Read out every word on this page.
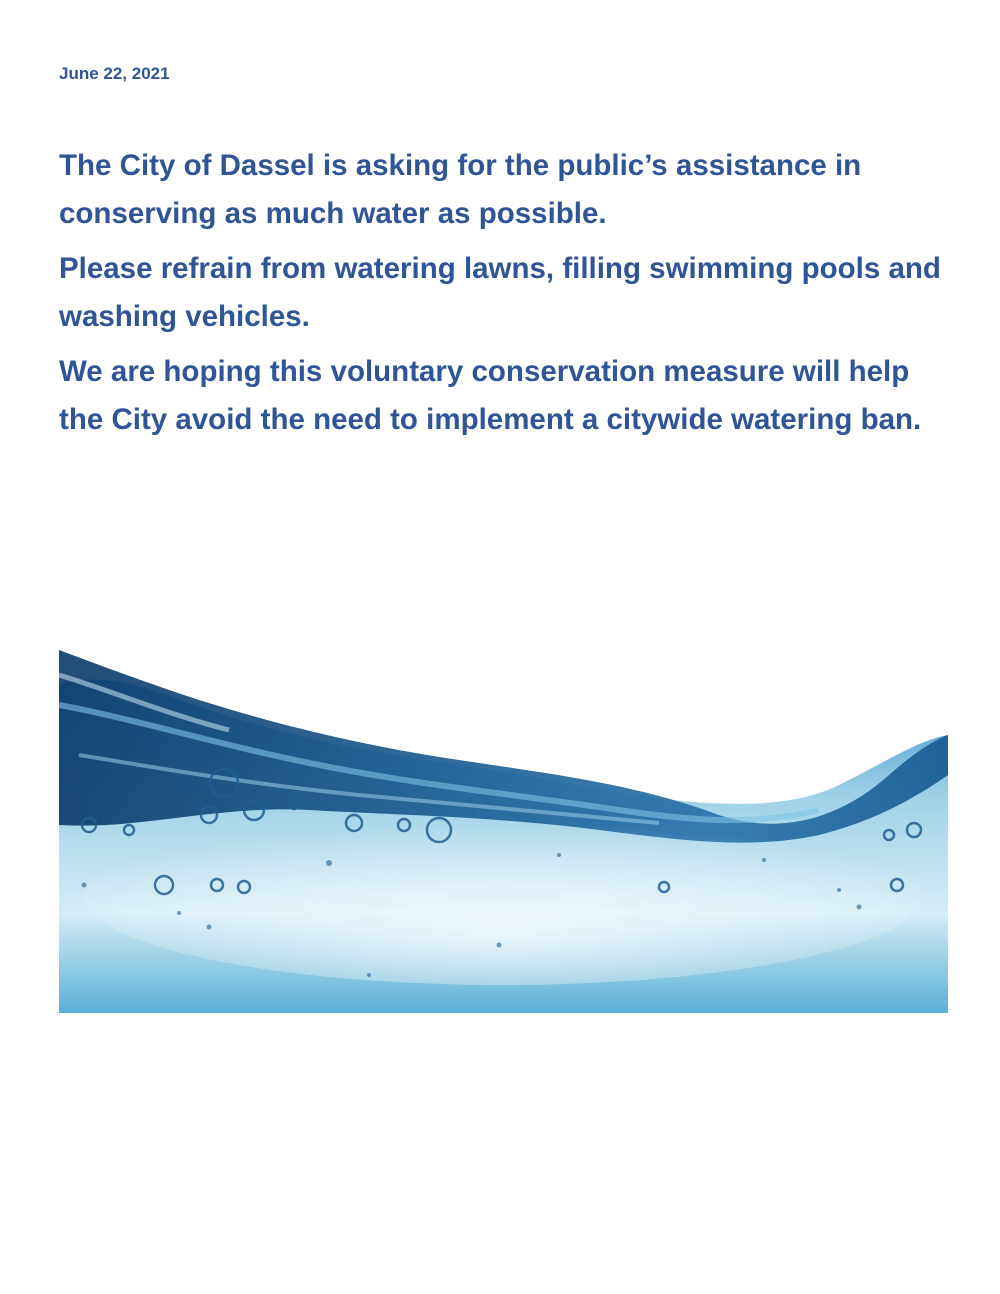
June 22, 2021

The City of Dassel is asking for the public’s assistance in conserving as much water as possible.

Please refrain from watering lawns, filling swimming pools and washing vehicles.

We are hoping this voluntary conservation measure will help the City avoid the need to implement a citywide watering ban.
